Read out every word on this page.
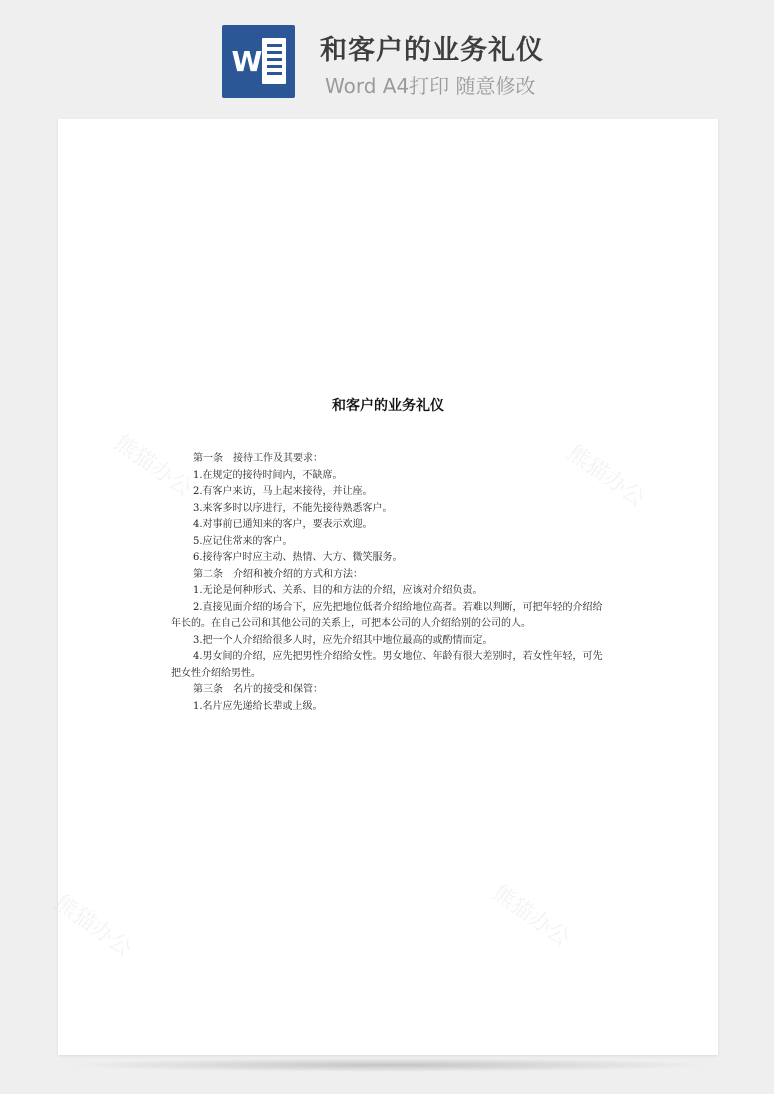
W 和客户的业务礼仪
Word A4打印 随意修改
熊猫办公	熊猫办公
熊猫办公	熊猫办公
和客户的业务礼仪

第一条　接待工作及其要求：

1.在规定的接待时间内，不缺席。

2.有客户来访，马上起来接待，并让座。

3.来客多时以序进行，不能先接待熟悉客户。

4.对事前已通知来的客户，要表示欢迎。

5.应记住常来的客户。

6.接待客户时应主动、热情、大方、微笑服务。

第二条　介绍和被介绍的方式和方法：

1.无论是何种形式、关系、目的和方法的介绍，应该对介绍负责。

2.直接见面介绍的场合下，应先把地位低者介绍给地位高者。若难以判断，可把年轻的介绍给年长的。在自己公司和其他公司的关系上，可把本公司的人介绍给别的公司的人。

3.把一个人介绍给很多人时，应先介绍其中地位最高的或酌情而定。

4.男女间的介绍，应先把男性介绍给女性。男女地位、年龄有很大差别时，若女性年轻，可先把女性介绍给男性。

第三条　名片的接受和保管：

1.名片应先递给长辈或上级。
